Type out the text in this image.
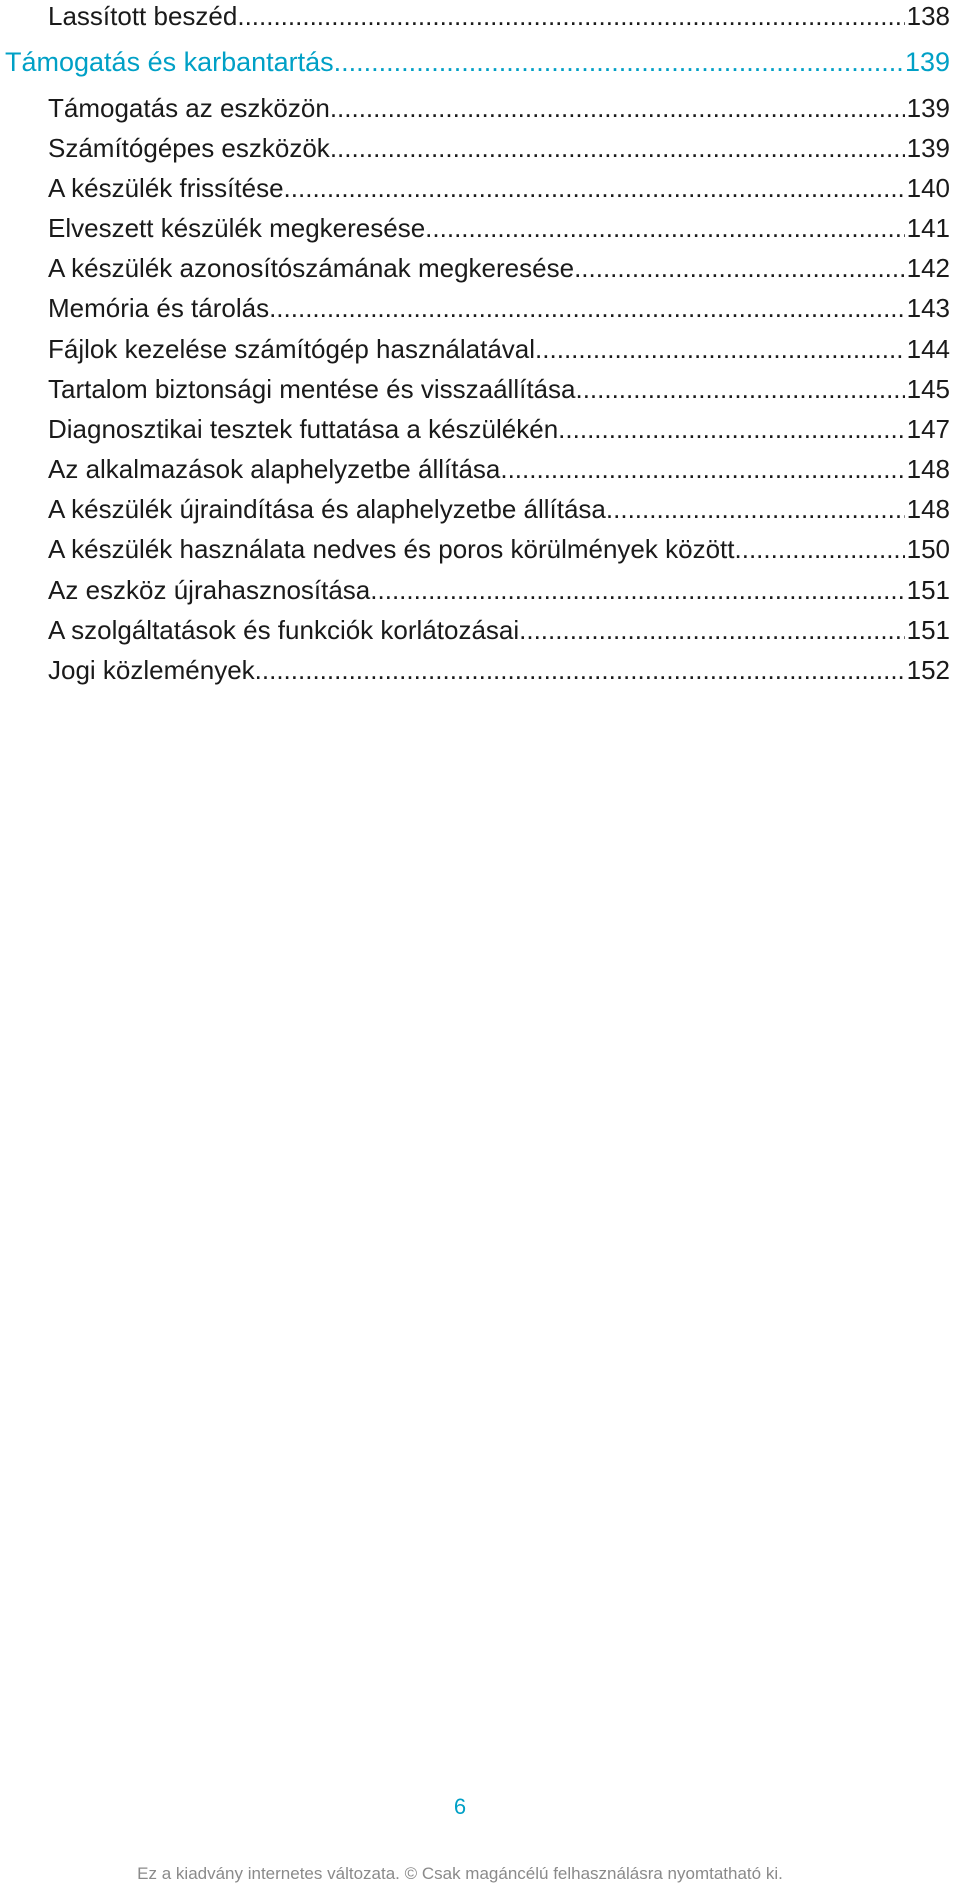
Lassított beszéd .....	138
Támogatás és karbantartás .....	139
Támogatás az eszközön .....	139
Számítógépes eszközök .....	139
A készülék frissítése .....	140
Elveszett készülék megkeresése .....	141
A készülék azonosítószámának megkeresése .....	142
Memória és tárolás .....	143
Fájlok kezelése számítógép használatával .....	144
Tartalom biztonsági mentése és visszaállítása .....	145
Diagnosztikai tesztek futtatása a készülékén .....	147
Az alkalmazások alaphelyzetbe állítása .....	148
A készülék újraindítása és alaphelyzetbe állítása .....	148
A készülék használata nedves és poros körülmények között .....	150
Az eszköz újrahasznosítása .....	151
A szolgáltatások és funkciók korlátozásai .....	151
Jogi közlemények .....	152
6
Ez a kiadvány internetes változata. © Csak magáncélú felhasználásra nyomtatható ki.
